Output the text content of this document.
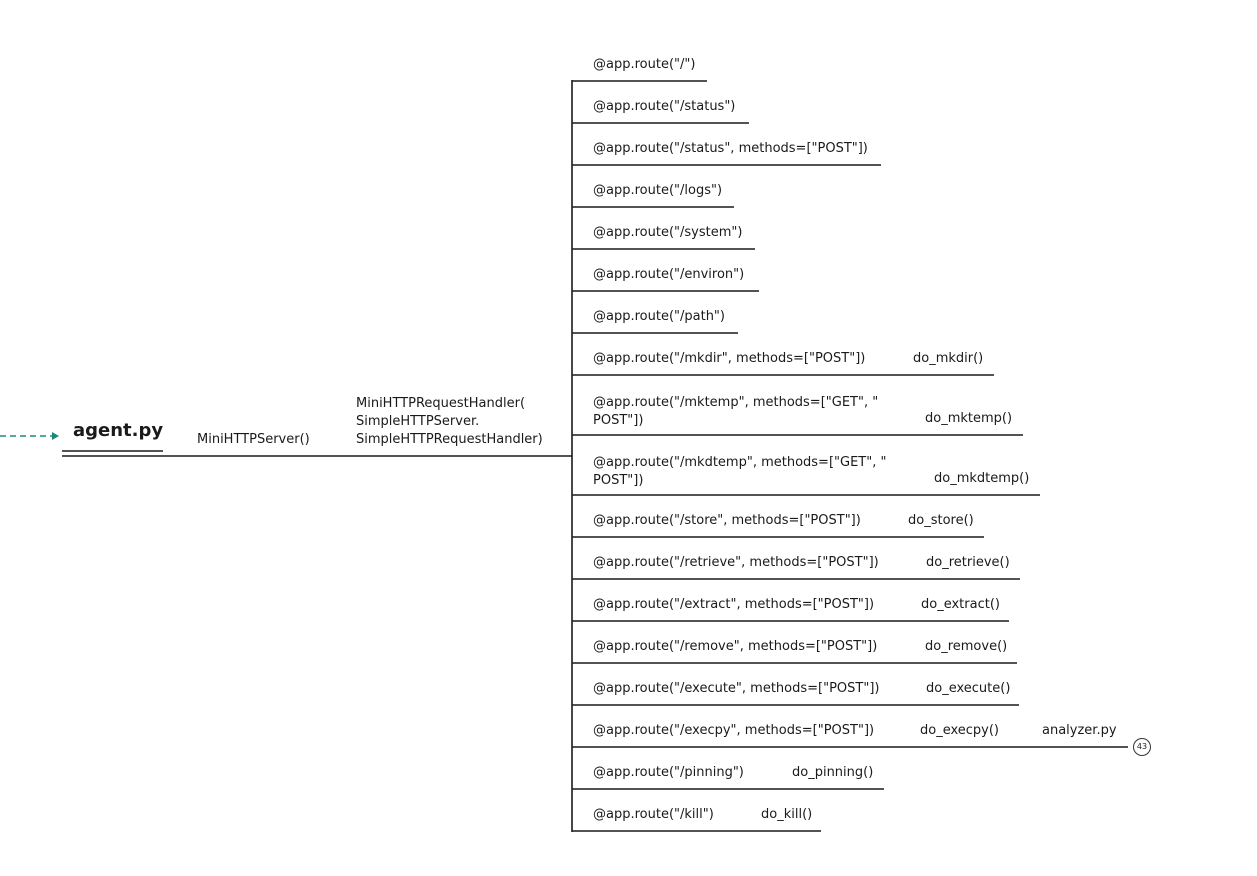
agent.py	MiniHTTPServer()
MiniHTTPRequestHandler(
SimpleHTTPServer.
SimpleHTTPRequestHandler)
@app.route("/")
@app.route("/status")
@app.route("/status", methods=["POST"])
@app.route("/logs")
@app.route("/system")
@app.route("/environ")
@app.route("/path")
@app.route("/mkdir", methods=["POST"])	do_mkdir()
@app.route("/mktemp", methods=["GET", "
POST"])	do_mktemp()
@app.route("/mkdtemp", methods=["GET", "
POST"])	do_mkdtemp()
@app.route("/store", methods=["POST"])	do_store()
@app.route("/retrieve", methods=["POST"])	do_retrieve()
@app.route("/extract", methods=["POST"])	do_extract()
@app.route("/remove", methods=["POST"])	do_remove()
@app.route("/execute", methods=["POST"])	do_execute()
@app.route("/execpy", methods=["POST"])	do_execpy()	analyzer.py
43
@app.route("/pinning")	do_pinning()
@app.route("/kill")	do_kill()
